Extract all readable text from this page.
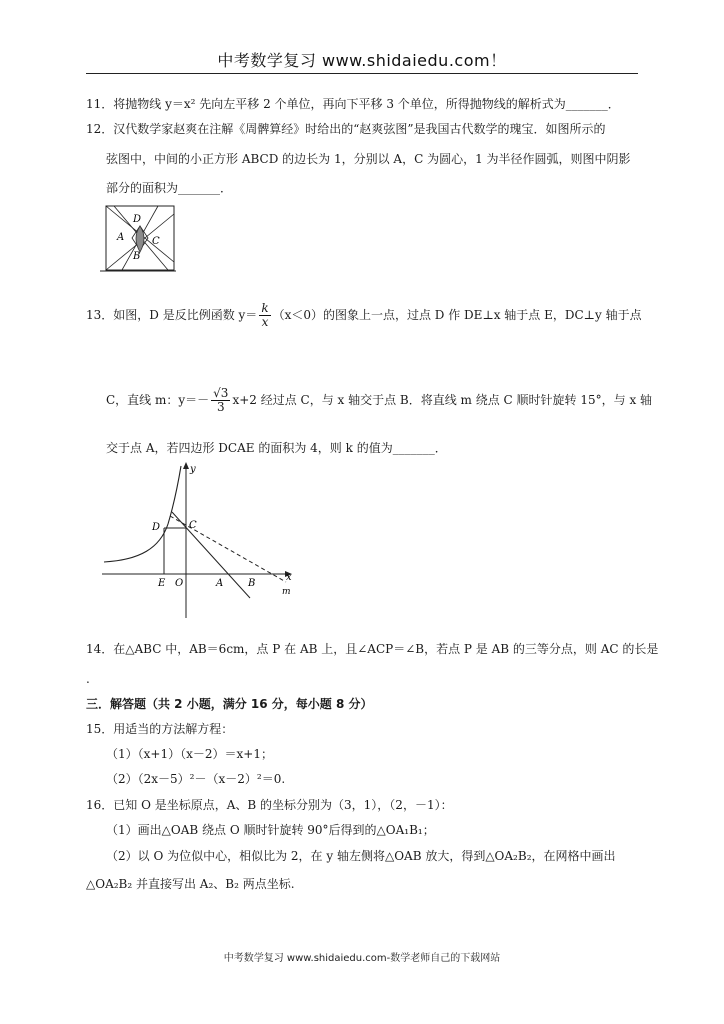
中考数学复习 www.shidaiedu.com！
11．将抛物线 y＝x² 先向左平移 2 个单位，再向下平移 3 个单位，所得抛物线的解析式为_______．
12．汉代数学家赵爽在注解《周髀算经》时给出的“赵爽弦图”是我国古代数学的瑰宝．如图所示的
弦图中，中间的小正方形 ABCD 的边长为 1，分别以 A，C 为圆心，1 为半径作圆弧，则图中阴影
部分的面积为_______．
D
A	C
B
13．如图，D 是反比例函数 $y= \frac{k}{x} (x<0)$的图象上一点，过点 D 作 DE⊥x 轴于点 E，DC⊥y 轴于点
C，直线 m：$y=- \frac{√3}{3} x+2$ 经过点 C，与 x 轴交于点 B．将直线 m 绕点 C 顺时针旋转 15°，与 x 轴
交于点 A，若四边形 DCAE 的面积为 4，则 k 的值为_______．
y
D	C
E O	A B
x
m
14．在△ABC 中，AB＝6cm，点 P 在 AB 上，且∠ACP＝∠B，若点 P 是 AB 的三等分点，则 AC 的长是
.
三．解答题（共 2 小题，满分 16 分，每小题 8 分）
15．用适当的方法解方程：
（1）（x+1）（x－2）＝x+1；
（2）（2x－5）²－（x－2）²＝0.
16．已知 O 是坐标原点，A、B 的坐标分别为（3，1），（2，－1）：
（1）画出△OAB 绕点 O 顺时针旋转 90°后得到的△OA₁B₁；
（2）以 O 为位似中心，相似比为 2，在 y 轴左侧将△OAB 放大，得到△OA₂B₂，在网格中画出
△OA₂B₂ 并直接写出 A₂、B₂ 两点坐标.
中考数学复习 www.shidaiedu.com-数学老师自己的下载网站
